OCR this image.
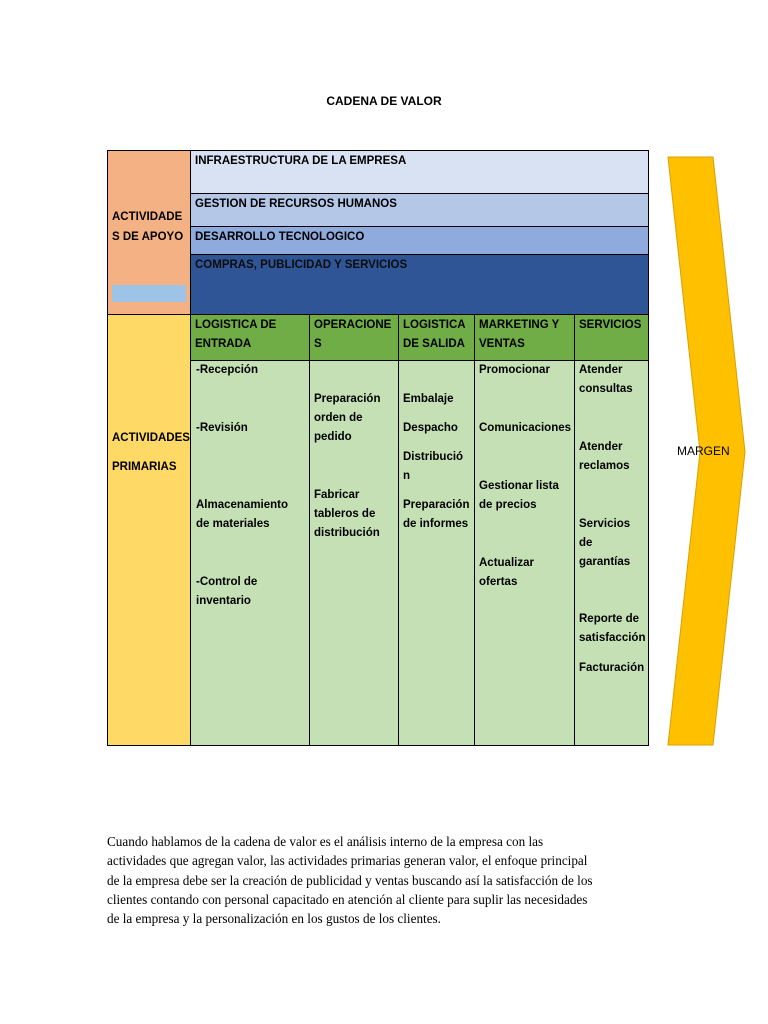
CADENA DE VALOR
ACTIVIDADE
S DE APOYO
INFRAESTRUCTURA DE LA EMPRESA
GESTION DE RECURSOS HUMANOS
DESARROLLO TECNOLOGICO
COMPRAS, PUBLICIDAD Y SERVICIOS
ACTIVIDADES
PRIMARIAS
LOGISTICA DE
ENTRADA
OPERACIONE
S
LOGISTICA
DE SALIDA
MARKETING Y
VENTAS
SERVICIOS
-Recepción
-Revisión
Almacenamiento
de materiales
-Control de
inventario
Preparación
orden de
pedido
Fabricar
tableros de
distribución
Embalaje
Despacho
Distribució
n
Preparación
de informes
Promocionar
Comunicaciones
Gestionar lista
de precios
Actualizar
ofertas
Atender
consultas
Atender
reclamos
Servicios
de
garantías
Reporte de
satisfacción
Facturación
MARGEN
Cuando hablamos de la cadena de valor es el análisis interno de la empresa con las
actividades que agregan valor, las actividades primarias generan valor, el enfoque principal
de la empresa debe ser la creación de publicidad y ventas buscando así la satisfacción de los
clientes contando con personal capacitado en atención al cliente para suplir las necesidades
de la empresa y la personalización en los gustos de los clientes.
